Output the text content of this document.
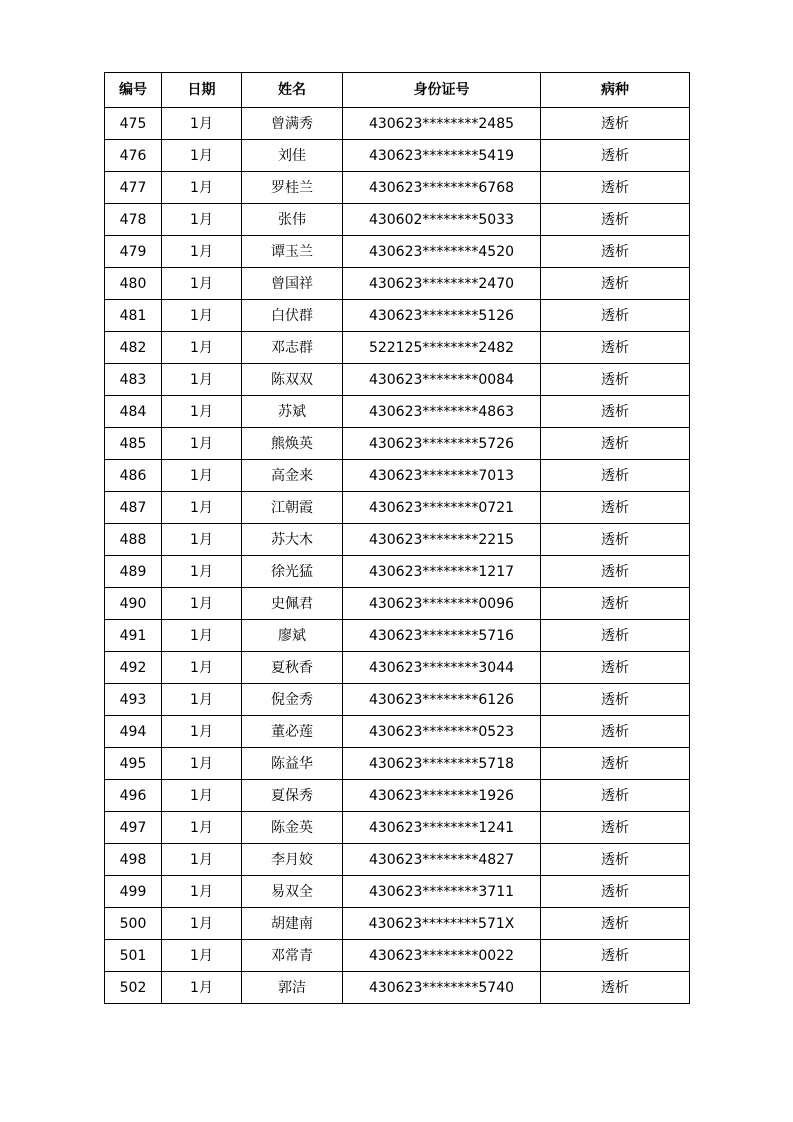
编号	日期	姓名	身份证号	病种
475	1月	曾满秀	430623********2485	透析
476	1月	刘佳	430623********5419	透析
477	1月	罗桂兰	430623********6768	透析
478	1月	张伟	430602********5033	透析
479	1月	谭玉兰	430623********4520	透析
480	1月	曾国祥	430623********2470	透析
481	1月	白伏群	430623********5126	透析
482	1月	邓志群	522125********2482	透析
483	1月	陈双双	430623********0084	透析
484	1月	苏斌	430623********4863	透析
485	1月	熊焕英	430623********5726	透析
486	1月	高金来	430623********7013	透析
487	1月	江朝霞	430623********0721	透析
488	1月	苏大木	430623********2215	透析
489	1月	徐光猛	430623********1217	透析
490	1月	史佩君	430623********0096	透析
491	1月	廖斌	430623********5716	透析
492	1月	夏秋香	430623********3044	透析
493	1月	倪金秀	430623********6126	透析
494	1月	董必莲	430623********0523	透析
495	1月	陈益华	430623********5718	透析
496	1月	夏保秀	430623********1926	透析
497	1月	陈金英	430623********1241	透析
498	1月	李月姣	430623********4827	透析
499	1月	易双全	430623********3711	透析
500	1月	胡建南	430623********571X	透析
501	1月	邓常青	430623********0022	透析
502	1月	郭洁	430623********5740	透析
